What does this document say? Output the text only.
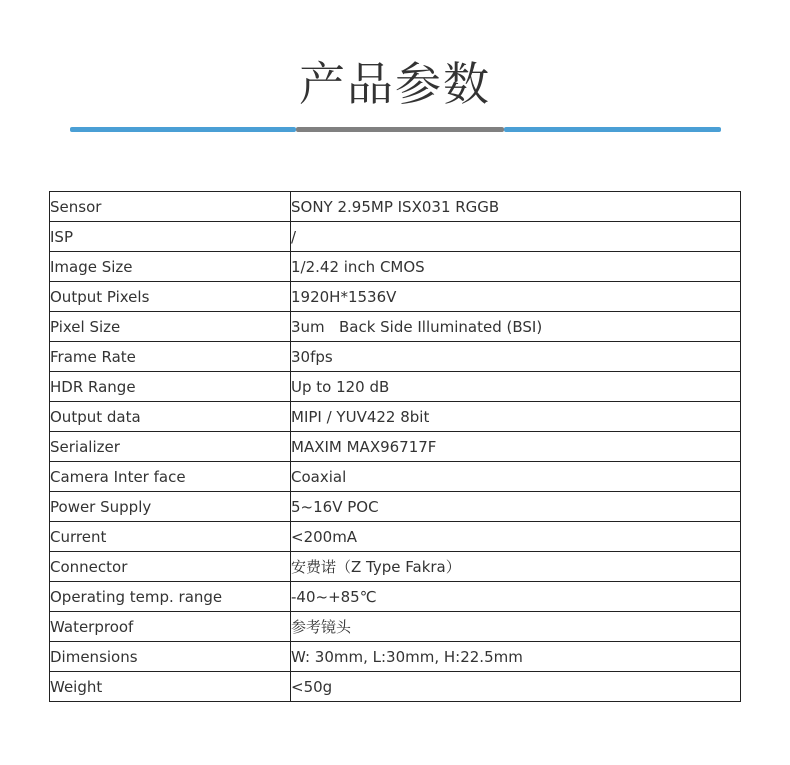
产品参数
Sensor	SONY 2.95MP ISX031 RGGB
ISP	/
Image Size	1/2.42 inch CMOS
Output Pixels	1920H*1536V
Pixel Size	3um   Back Side Illuminated (BSI)
Frame Rate	30fps
HDR Range	Up to 120 dB
Output data	MIPI / YUV422 8bit
Serializer	MAXIM MAX96717F
Camera Inter face	Coaxial
Power Supply	5~16V POC
Current	<200mA
Connector	安费诺（Z Type Fakra）
Operating temp. range	-40~+85℃
Waterproof	参考镜头
Dimensions	W: 30mm, L:30mm, H:22.5mm
Weight	<50g
